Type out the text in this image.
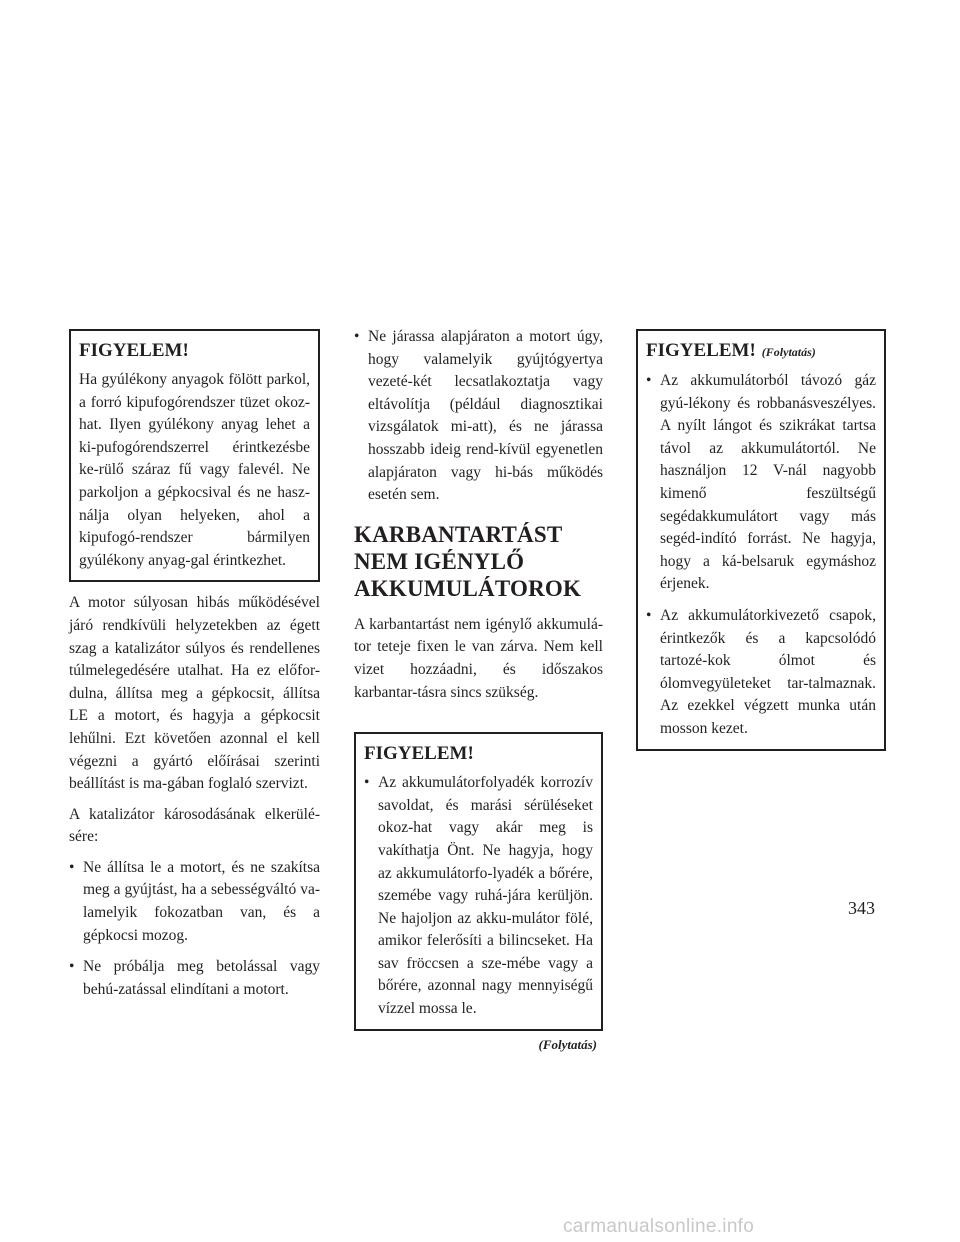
FIGYELEM!

Ha gyúlékony anyagok fölött parkol, a forró kipufogórendszer tüzet okoz-hat. Ilyen gyúlékony anyag lehet a ki-pufogórendszerrel érintkezésbe ke-rülő száraz fű vagy falevél. Ne parkoljon a gépkocsival és ne hasz-nálja olyan helyeken, ahol a kipufogó-rendszer bármilyen gyúlékony anyag-gal érintkezhet.

A motor súlyosan hibás működésével járó rendkívüli helyzetekben az égett szag a katalizátor súlyos és rendellenes túlmelegedésére utalhat. Ha ez előfor-dulna, állítsa meg a gépkocsit, állítsa LE a motort, és hagyja a gépkocsit lehűlni. Ezt követően azonnal el kell végezni a gyártó előírásai szerinti beállítást is ma-gában foglaló szervizt.

A katalizátor károsodásának elkerülé-sére:

• Ne állítsa le a motort, és ne szakítsa meg a gyújtást, ha a sebességváltó va-lamelyik fokozatban van, és a gépkocsi mozog.
• Ne próbálja meg betolással vagy behú-zatással elindítani a motort.
• Ne járassa alapjáraton a motort úgy, hogy valamelyik gyújtógyertya vezeté-két lecsatlakoztatja vagy eltávolítja (például diagnosztikai vizsgálatok mi-att), és ne járassa hosszabb ideig rend-kívül egyenetlen alapjáraton vagy hi-bás működés esetén sem.
KARBANTARTÁST NEM IGÉNYLŐ AKKUMULÁTOROK

A karbantartást nem igénylő akkumulá-tor teteje fixen le van zárva. Nem kell vizet hozzáadni, és időszakos karbantar-tásra sincs szükség.

FIGYELEM!
• Az akkumulátorfolyadék korrozív savoldat, és marási sérüléseket okoz-hat vagy akár meg is vakíthatja Önt. Ne hagyja, hogy az akkumulátorfo-lyadék a bőrére, szemébe vagy ruhá-jára kerüljön. Ne hajoljon az akku-mulátor fölé, amikor felerősíti a bilincseket. Ha sav fröccsen a sze-mébe vagy a bőrére, azonnal nagy mennyiségű vízzel mossa le.
(Folytatás)
FIGYELEM! (Folytatás)
• Az akkumulátorból távozó gáz gyú-lékony és robbanásveszélyes. A nyílt lángot és szikrákat tartsa távol az akkumulátortól. Ne használjon 12 V-nál nagyobb kimenő feszültségű segédakkumulátort vagy más segéd-indító forrást. Ne hagyja, hogy a ká-belsaruk egymáshoz érjenek.
• Az akkumulátorkivezető csapok, érintkezők és a kapcsolódó tartozé-kok ólmot és ólomvegyületeket tar-talmaznak. Az ezekkel végzett munka után mosson kezet.
343
carmanualsonline.info
